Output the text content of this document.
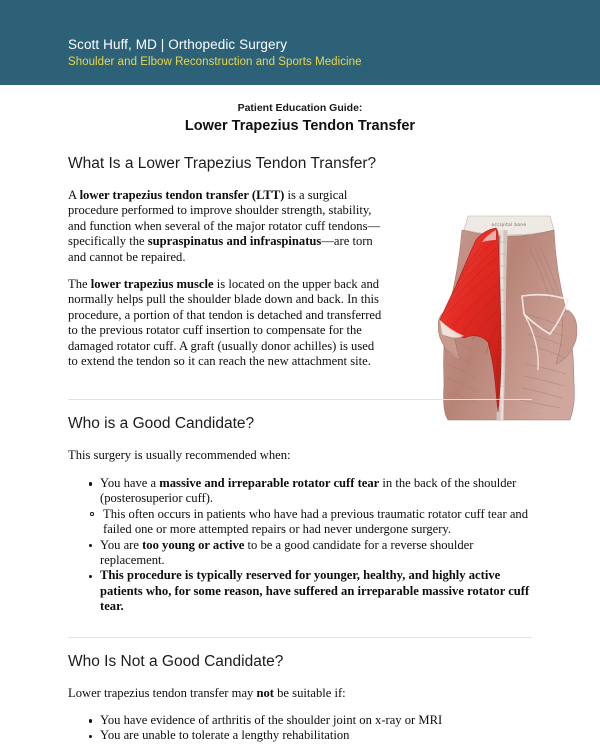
Scott Huff, MD | Orthopedic Surgery
Shoulder and Elbow Reconstruction and Sports Medicine
Patient Education Guide:
Lower Trapezius Tendon Transfer
occipital bone
What Is a Lower Trapezius Tendon Transfer?

A lower trapezius tendon transfer (LTT) is a surgical procedure performed to improve shoulder strength, stability, and function when several of the major rotator cuff tendons—specifically the supraspinatus and infraspinatus—are torn and cannot be repaired.

The lower trapezius muscle is located on the upper back and normally helps pull the shoulder blade down and back. In this procedure, a portion of that tendon is detached and transferred to the previous rotator cuff insertion to compensate for the damaged rotator cuff. A graft (usually donor achilles) is used to extend the tendon so it can reach the new attachment site.

Who is a Good Candidate?

This surgery is usually recommended when:

You have a massive and irreparable rotator cuff tear in the back of the shoulder (posterosuperior cuff).
This often occurs in patients who have had a previous traumatic rotator cuff tear and failed one or more attempted repairs or had never undergone surgery.
You are too young or active to be a good candidate for a reverse shoulder replacement.
This procedure is typically reserved for younger, healthy, and highly active patients who, for some reason, have suffered an irreparable massive rotator cuff tear.
Who Is Not a Good Candidate?

Lower trapezius tendon transfer may not be suitable if:

You have evidence of arthritis of the shoulder joint on x-ray or MRI
You are unable to tolerate a lengthy rehabilitation
